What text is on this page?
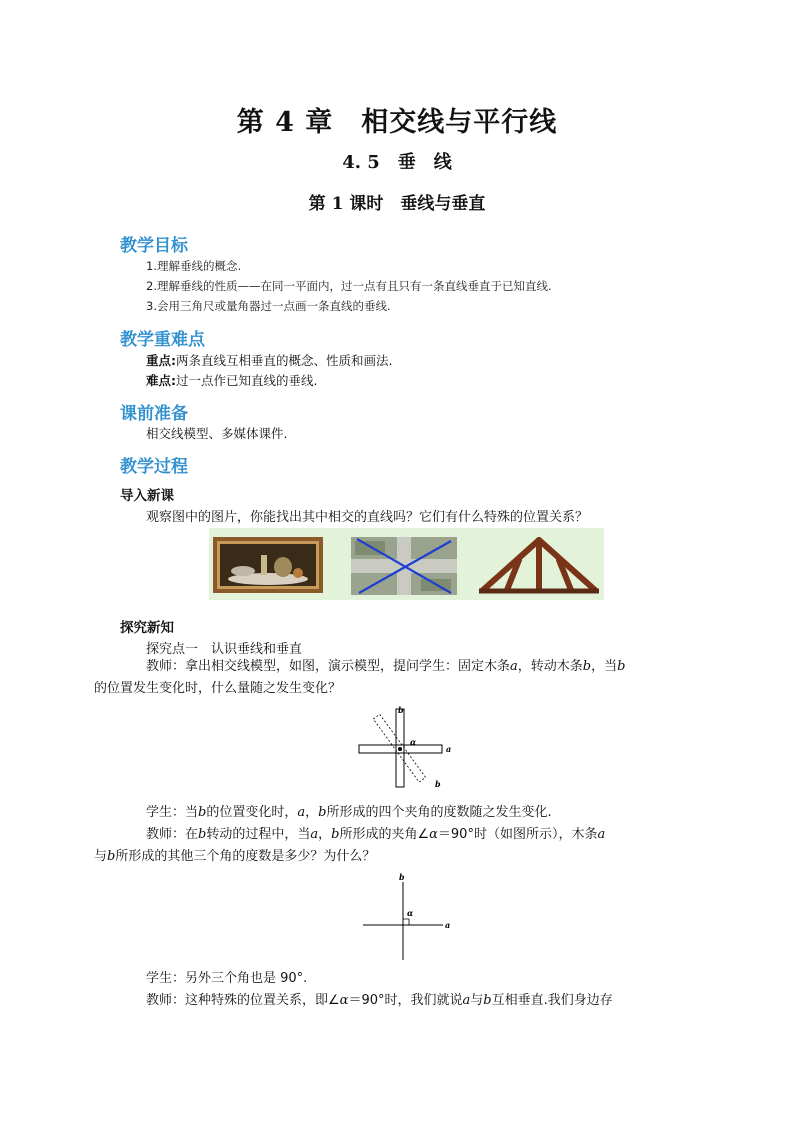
第 4 章　相交线与平行线
4. 5　垂　线
第 1 课时　垂线与垂直
教学目标
1.理解垂线的概念.
2.理解垂线的性质——在同一平面内，过一点有且只有一条直线垂直于已知直线.
3.会用三角尺或量角器过一点画一条直线的垂线.
教学重难点
重点:两条直线互相垂直的概念、性质和画法.
难点:过一点作已知直线的垂线.
课前准备
相交线模型、多媒体课件.
教学过程
导入新课
观察图中的图片，你能找出其中相交的直线吗？它们有什么特殊的位置关系？
探究新知
探究点一　认识垂线和垂直
教师：拿出相交线模型，如图，演示模型，提问学生：固定木条a，转动木条b，当b
的位置发生变化时，什么量随之发生变化？
b
α
a
b
学生：当b的位置变化时，a，b所形成的四个夹角的度数随之发生变化.
教师：在b转动的过程中，当a，b所形成的夹角∠α＝90°时（如图所示），木条a
与b所形成的其他三个角的度数是多少？为什么？
b
α
a
学生：另外三个角也是 90°.
教师：这种特殊的位置关系，即∠α＝90°时，我们就说a与b互相垂直.我们身边存
